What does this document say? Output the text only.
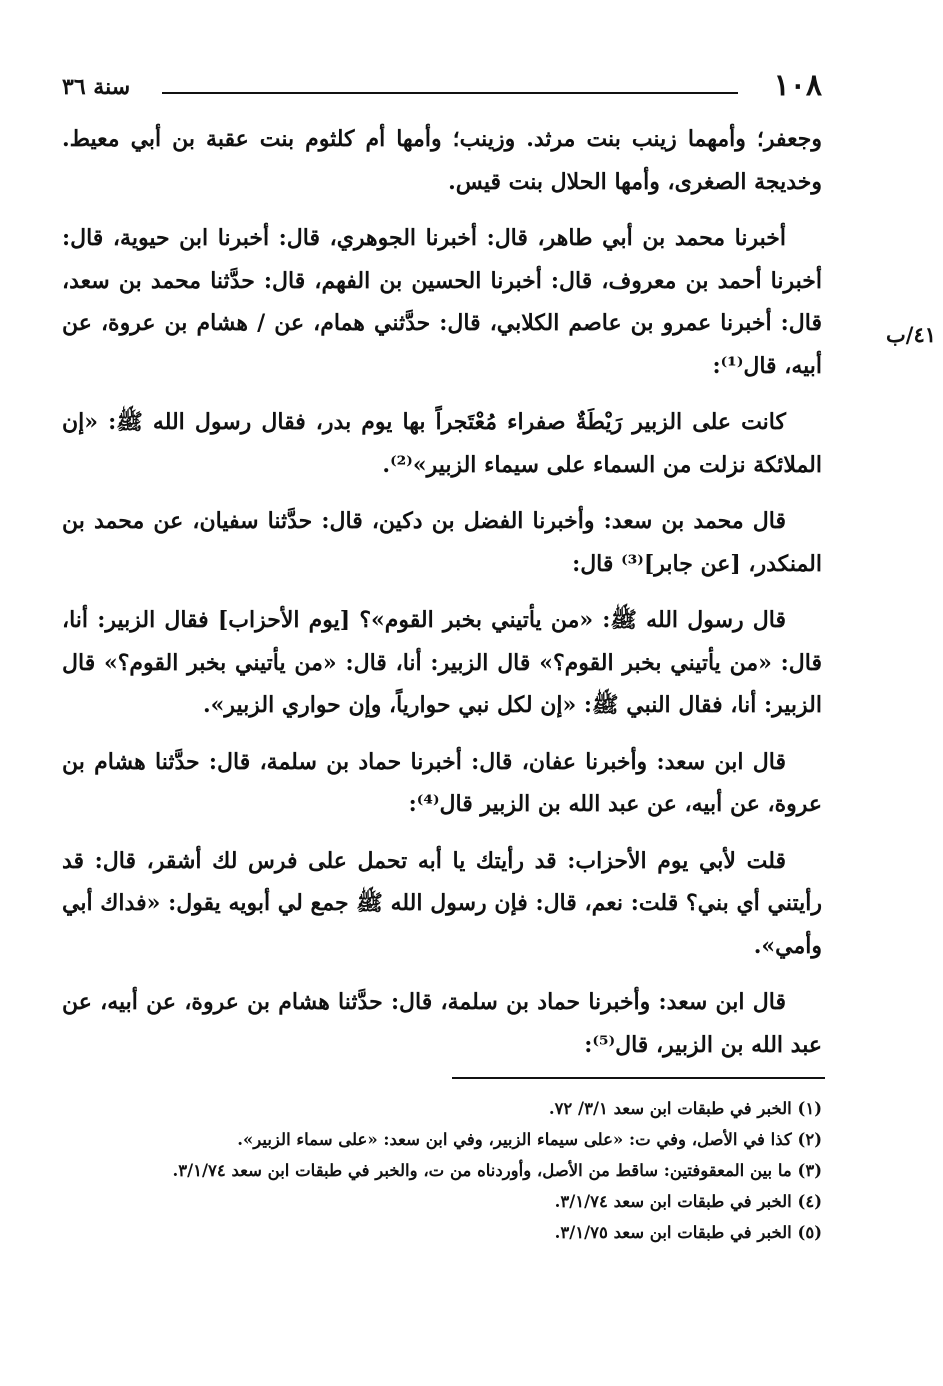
١٠٨
سنة ٣٦
٤١/ب

وجعفر؛ وأمهما زينب بنت مرثد. وزينب؛ وأمها أم كلثوم بنت عقبة بن أبي معيط. وخديجة الصغرى، وأمها الحلال بنت قيس.

أخبرنا محمد بن أبي طاهر، قال: أخبرنا الجوهري، قال: أخبرنا ابن حيوية، قال: أخبرنا أحمد بن معروف، قال: أخبرنا الحسين بن الفهم، قال: حدَّثنا محمد بن سعد، قال: أخبرنا عمرو بن عاصم الكلابي، قال: حدَّثني همام، عن / هشام بن عروة، عن أبيه، قال⁽¹⁾:

كانت على الزبير رَيْطَةٌ صفراء مُعْتَجراً بها يوم بدر، فقال رسول الله ﷺ: «إن الملائكة نزلت من السماء على سيماء الزبير»⁽²⁾.

قال محمد بن سعد: وأخبرنا الفضل بن دكين، قال: حدَّثنا سفيان، عن محمد بن المنكدر، [عن جابر]⁽³⁾ قال:

قال رسول الله ﷺ: «من يأتيني بخبر القوم»؟ [يوم الأحزاب] فقال الزبير: أنا، قال: «من يأتيني بخبر القوم؟» قال الزبير: أنا، قال: «من يأتيني بخبر القوم؟» قال الزبير: أنا، فقال النبي ﷺ: «إن لكل نبي حوارياً، وإن حواري الزبير».

قال ابن سعد: وأخبرنا عفان، قال: أخبرنا حماد بن سلمة، قال: حدَّثنا هشام بن عروة، عن أبيه، عن عبد الله بن الزبير قال⁽⁴⁾:

قلت لأبي يوم الأحزاب: قد رأيتك يا أبه تحمل على فرس لك أشقر، قال: قد رأيتني أي بني؟ قلت: نعم، قال: فإن رسول الله ﷺ جمع لي أبويه يقول: «فداك أبي وأمي».

قال ابن سعد: وأخبرنا حماد بن سلمة، قال: حدَّثنا هشام بن عروة، عن أبيه، عن عبد الله بن الزبير، قال⁽⁵⁾:

(١) الخبر في طبقات ابن سعد ٣/١/ ٧٢.
(٢) كذا في الأصل، وفي ت: «على سيماء الزبير، وفي ابن سعد: «على سماء الزبير».
(٣) ما بين المعقوفتين: ساقط من الأصل، وأوردناه من ت، والخبر في طبقات ابن سعد ٣/١/٧٤.
(٤) الخبر في طبقات ابن سعد ٣/١/٧٤.
(٥) الخبر في طبقات ابن سعد ٣/١/٧٥.
